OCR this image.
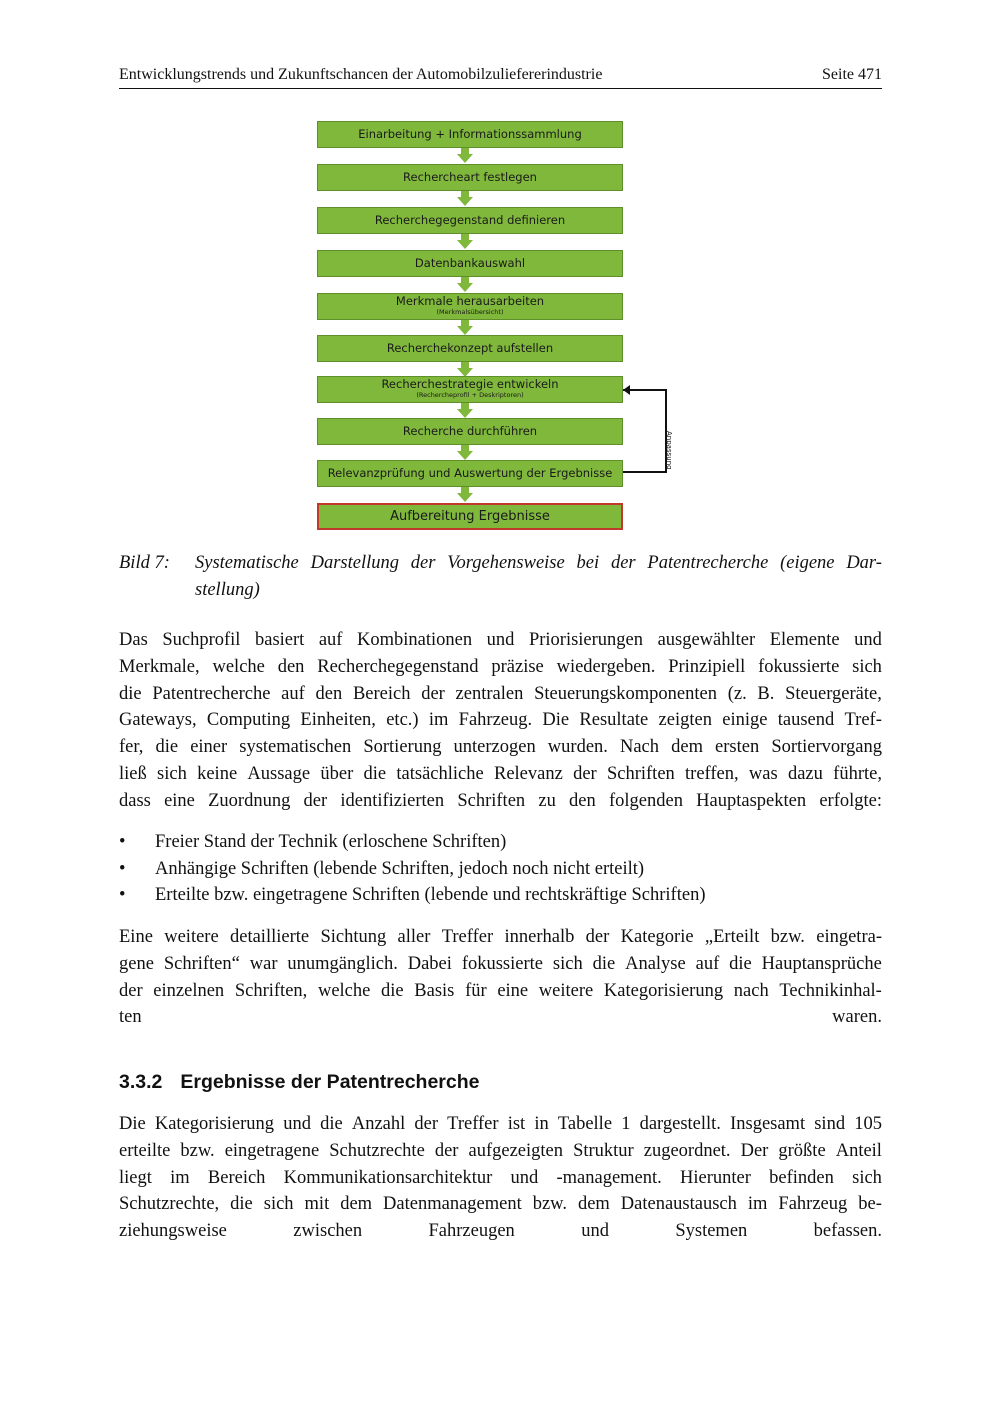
Entwicklungstrends und Zukunftschancen der Automobilzuliefererindustrie	Seite 471
Einarbeitung + Informationssammlung
Rechercheart festlegen
Recherchegegenstand definieren
Datenbankauswahl
Merkmale herausarbeiten
(Merkmalsübersicht)
Recherchekonzept aufstellen
Recherchestrategie entwickeln
(Rechercheprofil + Deskriptoren)
Recherche durchführen
Relevanzprüfung und Auswertung der Ergebnisse
Aufbereitung Ergebnisse
Anpassung
Bild 7: Systematische Darstellung der Vorgehensweise bei der Patentrecherche (eigene Dar-
stellung)
Das Suchprofil basiert auf Kombinationen und Priorisierungen ausgewählter Elemente und
Merkmale, welche den Recherchegegenstand präzise wiedergeben. Prinzipiell fokussierte sich
die Patentrecherche auf den Bereich der zentralen Steuerungskomponenten (z. B. Steuergeräte,
Gateways, Computing Einheiten, etc.) im Fahrzeug. Die Resultate zeigten einige tausend Tref-
fer, die einer systematischen Sortierung unterzogen wurden. Nach dem ersten Sortiervorgang
ließ sich keine Aussage über die tatsächliche Relevanz der Schriften treffen, was dazu führte,
dass eine Zuordnung der identifizierten Schriften zu den folgenden Hauptaspekten erfolgte:
• Freier Stand der Technik (erloschene Schriften)
• Anhängige Schriften (lebende Schriften, jedoch noch nicht erteilt)
• Erteilte bzw. eingetragene Schriften (lebende und rechtskräftige Schriften)
Eine weitere detaillierte Sichtung aller Treffer innerhalb der Kategorie „Erteilt bzw. eingetra-
gene Schriften“ war unumgänglich. Dabei fokussierte sich die Analyse auf die Hauptansprüche
der einzelnen Schriften, welche die Basis für eine weitere Kategorisierung nach Technikinhal-
ten waren.
3.3.2 Ergebnisse der Patentrecherche
Die Kategorisierung und die Anzahl der Treffer ist in Tabelle 1 dargestellt. Insgesamt sind 105
erteilte bzw. eingetragene Schutzrechte der aufgezeigten Struktur zugeordnet. Der größte Anteil
liegt im Bereich Kommunikationsarchitektur und -management. Hierunter befinden sich
Schutzrechte, die sich mit dem Datenmanagement bzw. dem Datenaustausch im Fahrzeug be-
ziehungsweise zwischen Fahrzeugen und Systemen befassen.
